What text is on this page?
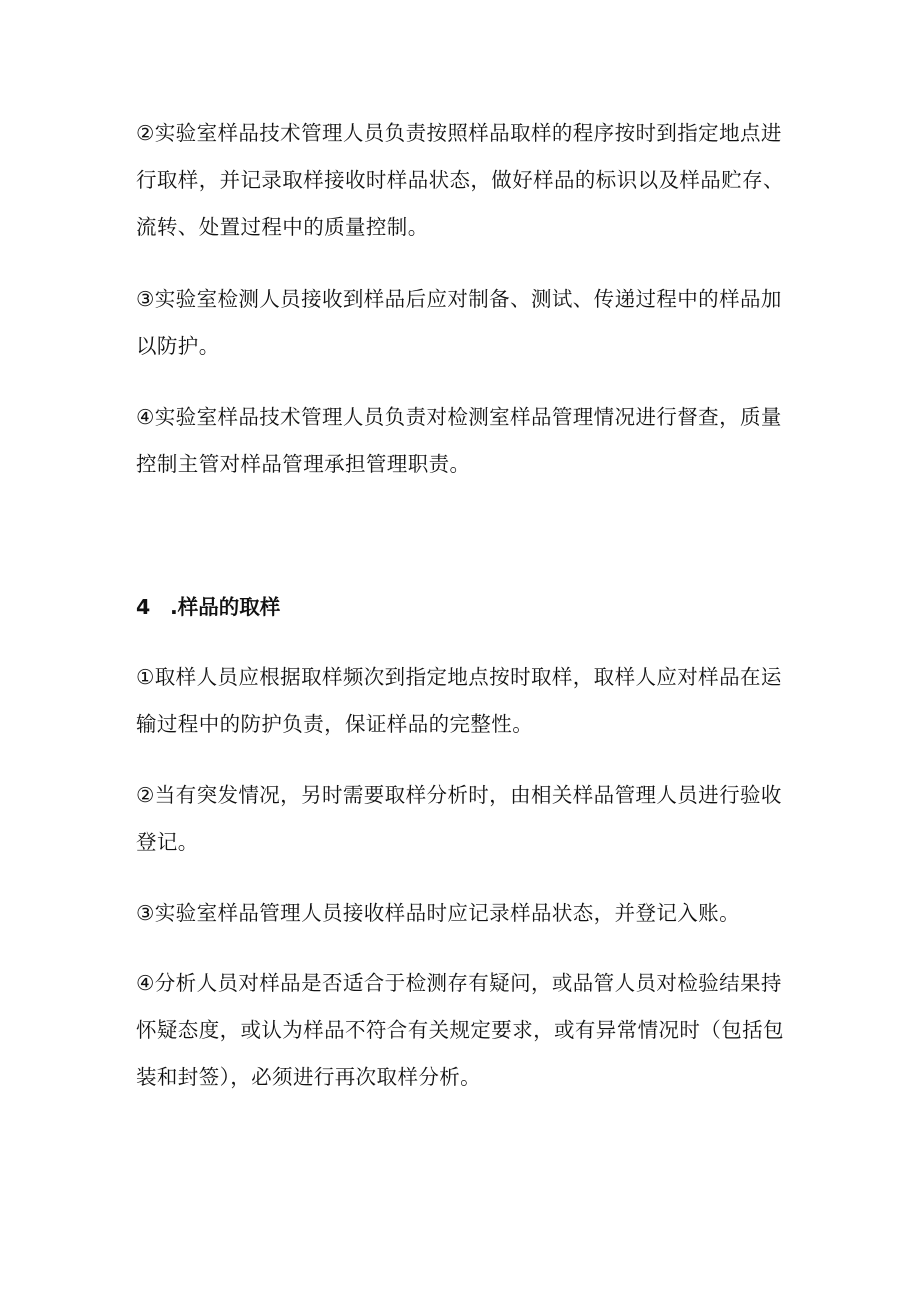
②实验室样品技术管理人员负责按照样品取样的程序按时到指定地点进行取样，并记录取样接收时样品状态，做好样品的标识以及样品贮存、流转、处置过程中的质量控制。

③实验室检测人员接收到样品后应对制备、测试、传递过程中的样品加以防护。

④实验室样品技术管理人员负责对检测室样品管理情况进行督查，质量控制主管对样品管理承担管理职责。

4 .样品的取样

①取样人员应根据取样频次到指定地点按时取样，取样人应对样品在运输过程中的防护负责，保证样品的完整性。

②当有突发情况，另时需要取样分析时，由相关样品管理人员进行验收登记。

③实验室样品管理人员接收样品时应记录样品状态，并登记入账。

④分析人员对样品是否适合于检测存有疑问，或品管人员对检验结果持怀疑态度，或认为样品不符合有关规定要求，或有异常情况时（包括包装和封签），必须进行再次取样分析。
